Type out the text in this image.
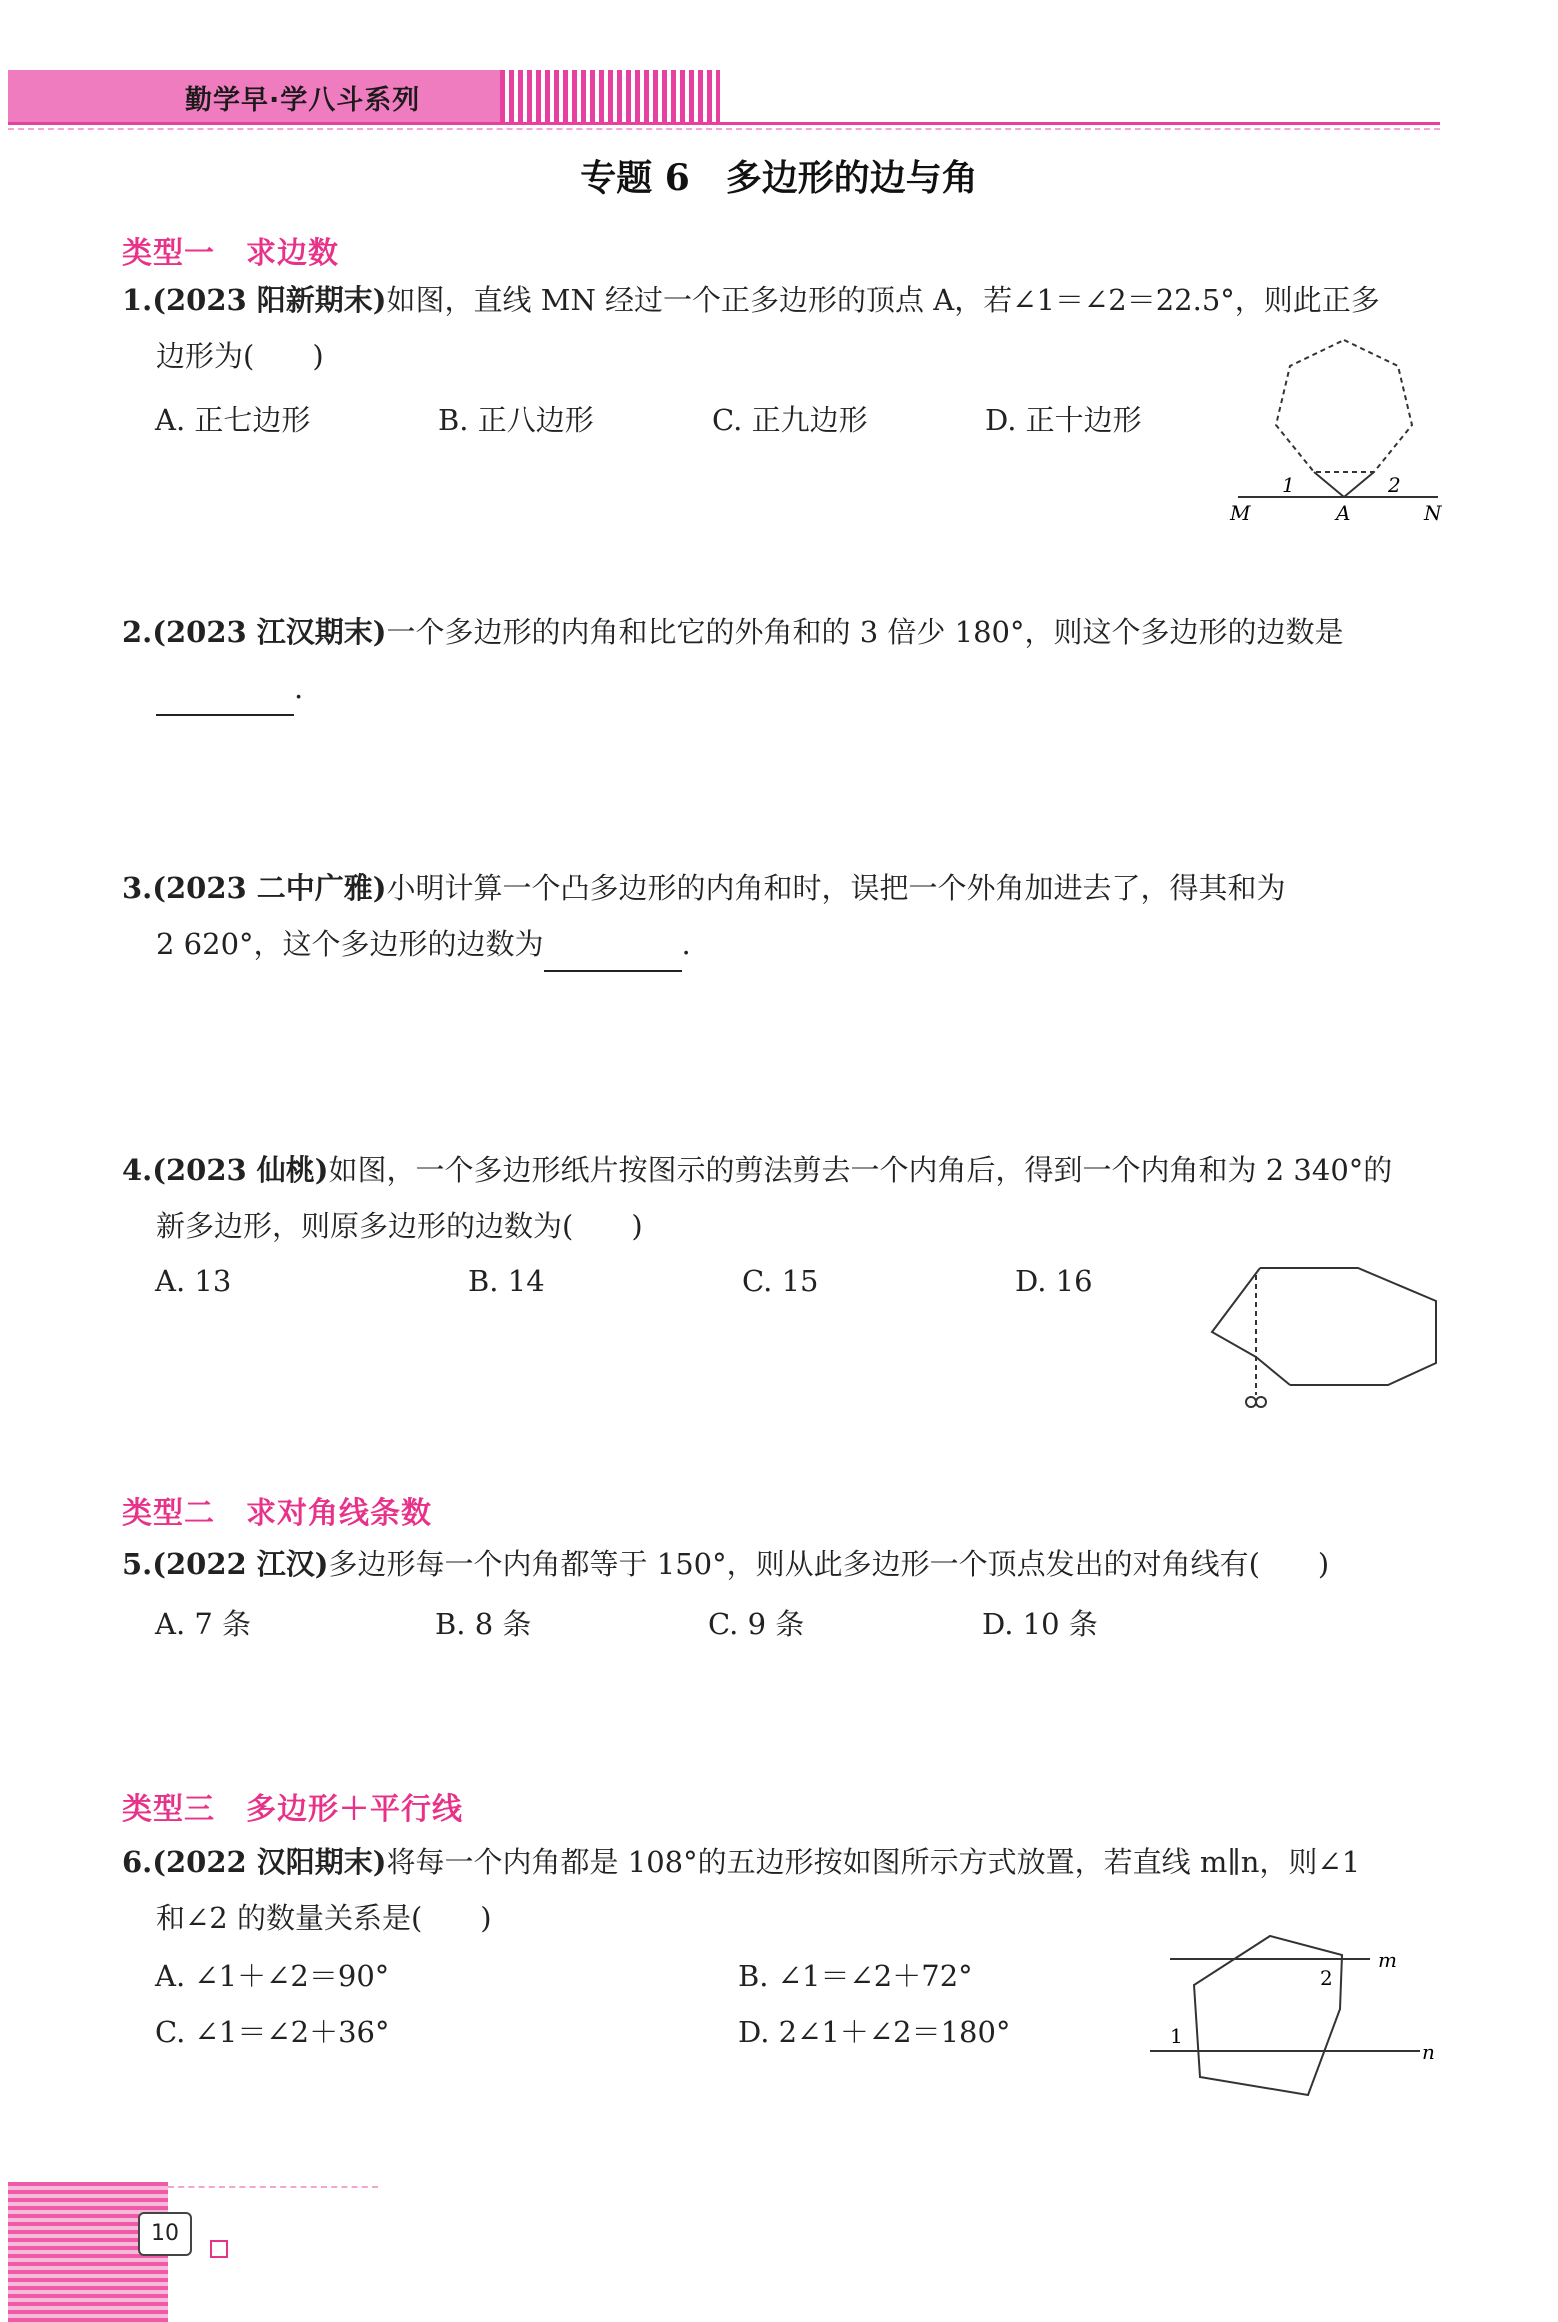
勤学早·学八斗系列
专题 6　多边形的边与角
类型一　求边数
1.(2023 阳新期末)如图，直线 MN 经过一个正多边形的顶点 A，若∠1＝∠2＝22.5°，则此正多
边形为(　　)
A. 正七边形	B. 正八边形	C. 正九边形	D. 正十边形
1	2
M	A	N
2.(2023 江汉期末)一个多边形的内角和比它的外角和的 3 倍少 180°，则这个多边形的边数是
.
3.(2023 二中广雅)小明计算一个凸多边形的内角和时，误把一个外角加进去了，得其和为
2 620°，这个多边形的边数为	.
4.(2023 仙桃)如图，一个多边形纸片按图示的剪法剪去一个内角后，得到一个内角和为 2 340°的
新多边形，则原多边形的边数为(　　)
A. 13	B. 14	C. 15	D. 16
类型二　求对角线条数
5.(2022 江汉)多边形每一个内角都等于 150°，则从此多边形一个顶点发出的对角线有(　　)
A. 7 条	B. 8 条	C. 9 条	D. 10 条
类型三　多边形＋平行线
6.(2022 汉阳期末)将每一个内角都是 108°的五边形按如图所示方式放置，若直线 m∥n，则∠1
和∠2 的数量关系是(　　)
A. ∠1＋∠2＝90°	B. ∠1＝∠2＋72°
C. ∠1＝∠2＋36°	D. 2∠1＋∠2＝180°
m
n
2
1
10
